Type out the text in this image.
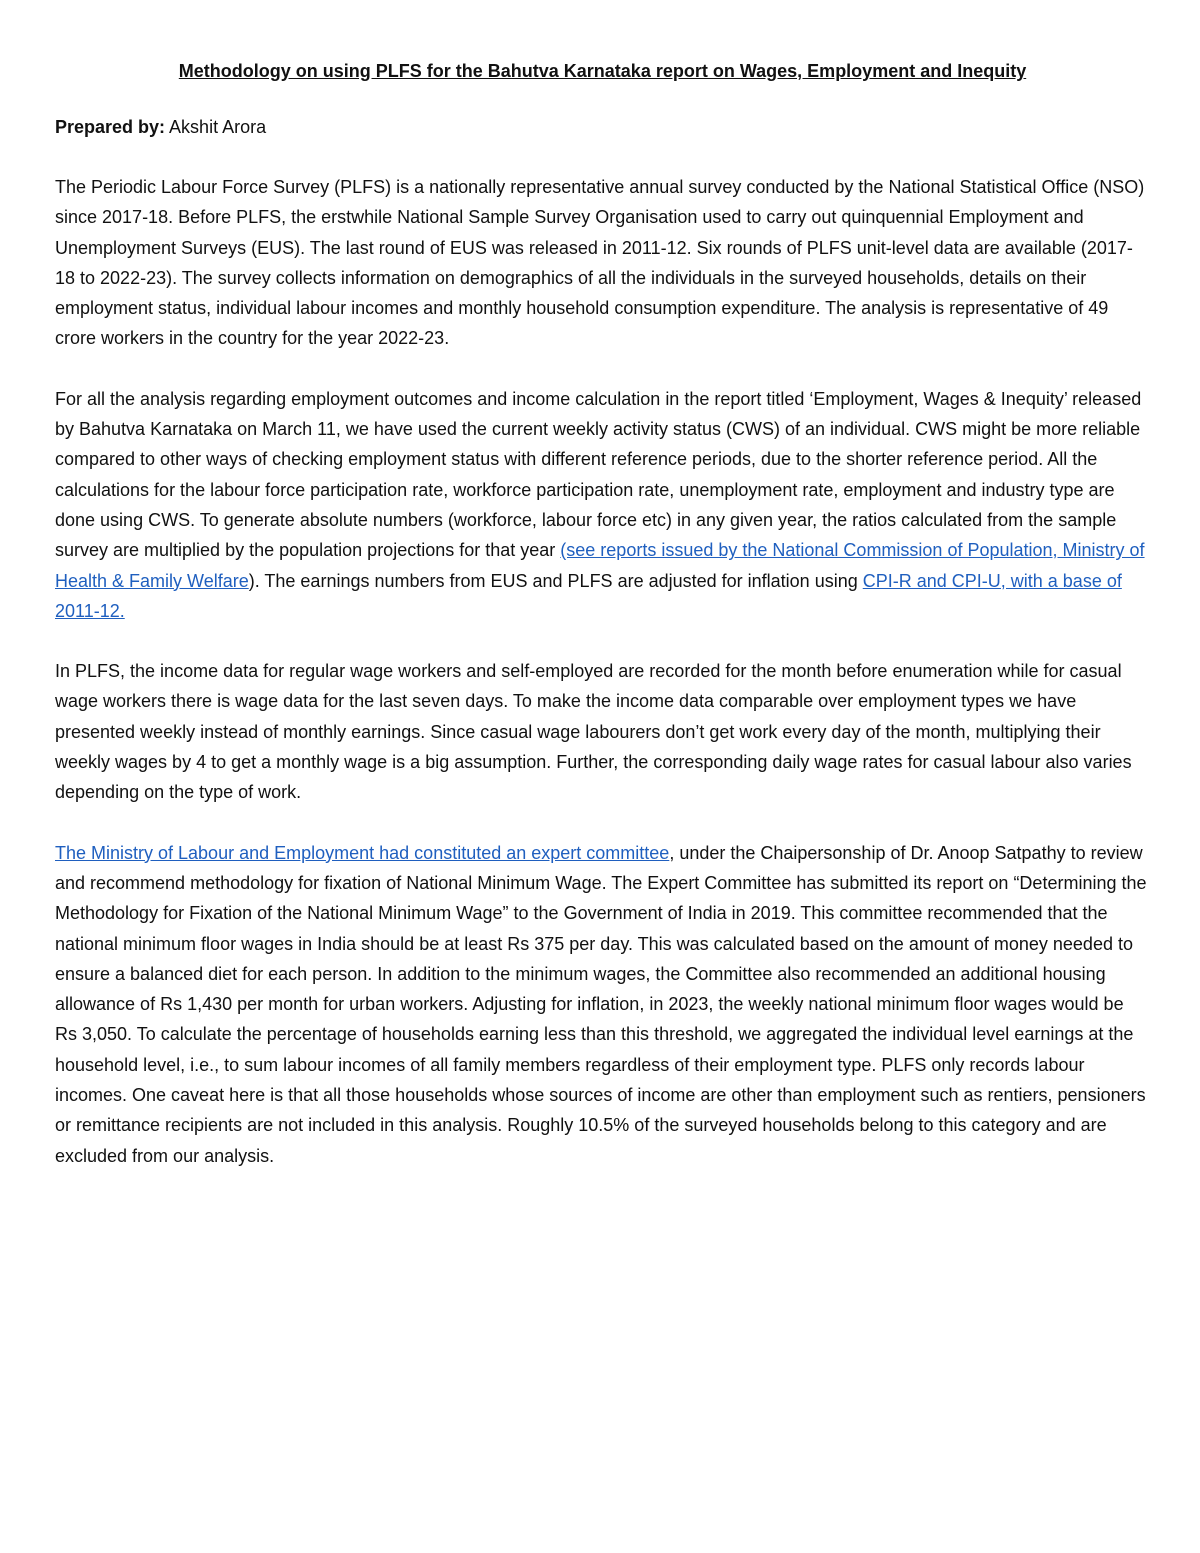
Methodology on using PLFS for the Bahutva Karnataka report on Wages, Employment and Inequity
Prepared by: Akshit Arora

The Periodic Labour Force Survey (PLFS) is a nationally representative annual survey conducted by the National Statistical Office (NSO) since 2017-18. Before PLFS, the erstwhile National Sample Survey Organisation used to carry out quinquennial Employment and Unemployment Surveys (EUS). The last round of EUS was released in 2011-12. Six rounds of PLFS unit-level data are available (2017-18 to 2022-23). The survey collects information on demographics of all the individuals in the surveyed households, details on their employment status, individual labour incomes and monthly household consumption expenditure. The analysis is representative of 49 crore workers in the country for the year 2022-23.

For all the analysis regarding employment outcomes and income calculation in the report titled ‘Employment, Wages & Inequity’ released by Bahutva Karnataka on March 11, we have used the current weekly activity status (CWS) of an individual. CWS might be more reliable compared to other ways of checking employment status with different reference periods, due to the shorter reference period. All the calculations for the labour force participation rate, workforce participation rate, unemployment rate, employment and industry type are done using CWS. To generate absolute numbers (workforce, labour force etc) in any given year, the ratios calculated from the sample survey are multiplied by the population projections for that year (see reports issued by the National Commission of Population, Ministry of Health & Family Welfare). The earnings numbers from EUS and PLFS are adjusted for inflation using CPI-R and CPI-U, with a base of 2011-12.

In PLFS, the income data for regular wage workers and self-employed are recorded for the month before enumeration while for casual wage workers there is wage data for the last seven days. To make the income data comparable over employment types we have presented weekly instead of monthly earnings. Since casual wage labourers don’t get work every day of the month, multiplying their weekly wages by 4 to get a monthly wage is a big assumption. Further, the corresponding daily wage rates for casual labour also varies depending on the type of work.

The Ministry of Labour and Employment had constituted an expert committee, under the Chaipersonship of Dr. Anoop Satpathy to review and recommend methodology for fixation of National Minimum Wage. The Expert Committee has submitted its report on “Determining the Methodology for Fixation of the National Minimum Wage” to the Government of India in 2019. This committee recommended that the national minimum floor wages in India should be at least Rs 375 per day. This was calculated based on the amount of money needed to ensure a balanced diet for each person. In addition to the minimum wages, the Committee also recommended an additional housing allowance of Rs 1,430 per month for urban workers. Adjusting for inflation, in 2023, the weekly national minimum floor wages would be Rs 3,050. To calculate the percentage of households earning less than this threshold, we aggregated the individual level earnings at the household level, i.e., to sum labour incomes of all family members regardless of their employment type. PLFS only records labour incomes. One caveat here is that all those households whose sources of income are other than employment such as rentiers, pensioners or remittance recipients are not included in this analysis. Roughly 10.5% of the surveyed households belong to this category and are excluded from our analysis.
